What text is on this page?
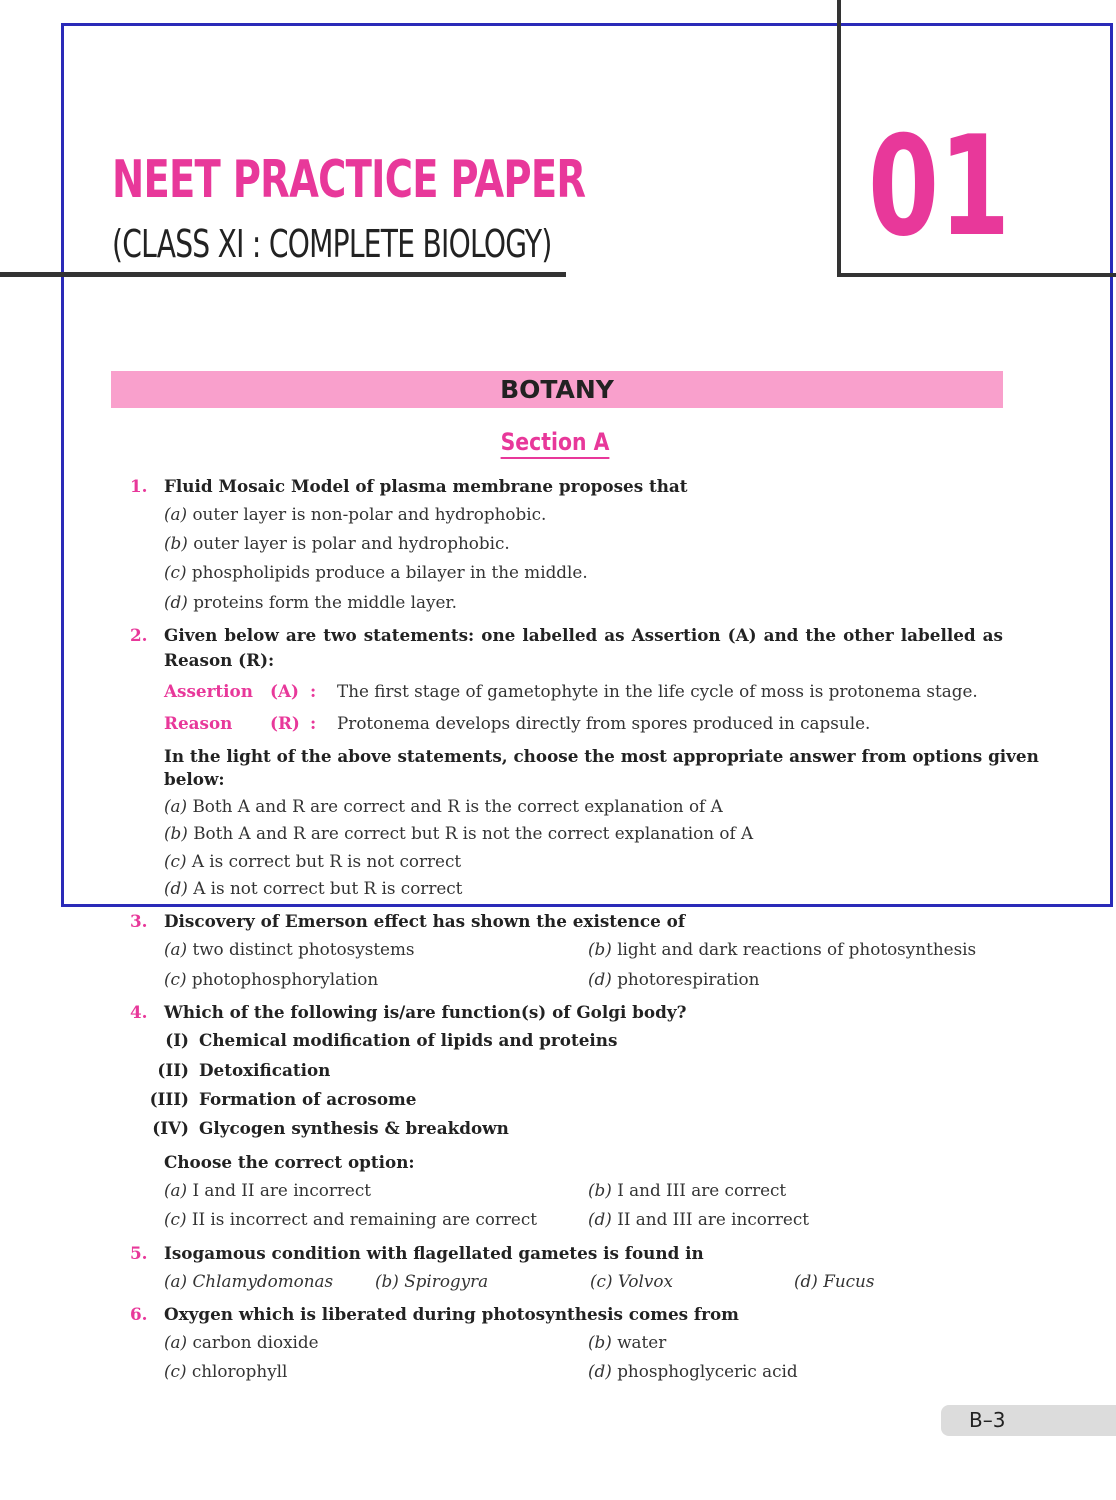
NEET PRACTICE PAPER
(CLASS XI : COMPLETE BIOLOGY) 01
BOTANY
Section A
1. Fluid Mosaic Model of plasma membrane proposes that
(a) outer layer is non-polar and hydrophobic.
(b) outer layer is polar and hydrophobic.
(c) phospholipids produce a bilayer in the middle.
(d) proteins form the middle layer.
2. Given below are two statements: one labelled as Assertion (A) and the other labelled as
Reason (R):
Assertion (A) : The first stage of gametophyte in the life cycle of moss is protonema stage.
Reason (R) : Protonema develops directly from spores produced in capsule.
In the light of the above statements, choose the most appropriate answer from options given
below:
(a) Both A and R are correct and R is the correct explanation of A
(b) Both A and R are correct but R is not the correct explanation of A
(c) A is correct but R is not correct
(d) A is not correct but R is correct
3. Discovery of Emerson effect has shown the existence of
(a) two distinct photosystems	(b) light and dark reactions of photosynthesis
(c) photophosphorylation	(d) photorespiration
4. Which of the following is/are function(s) of Golgi body?
(I) Chemical modification of lipids and proteins
(II) Detoxification
(III) Formation of acrosome
(IV) Glycogen synthesis & breakdown
Choose the correct option:
(a) I and II are incorrect	(b) I and III are correct
(c) II is incorrect and remaining are correct	(d) II and III are incorrect
5. Isogamous condition with flagellated gametes is found in
(a) Chlamydomonas (b) Spirogyra	(c) Volvox	(d) Fucus
6. Oxygen which is liberated during photosynthesis comes from
(a) carbon dioxide	(b) water
(c) chlorophyll	(d) phosphoglyceric acid
B–3
